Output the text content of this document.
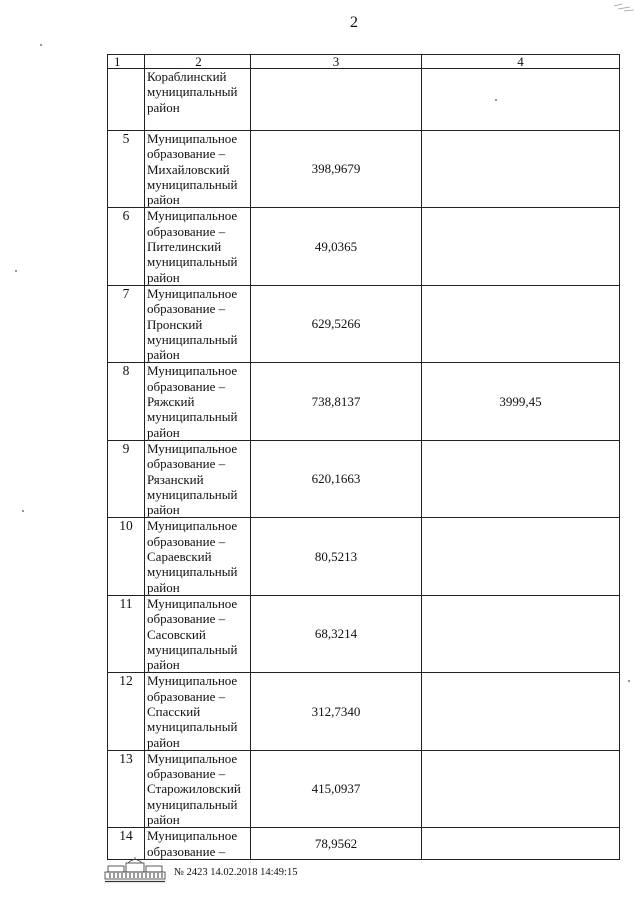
2
1	2	3	4

	Кораблинский
муниципальный
район		

5	Муниципальное
образование –
Михайловский
муниципальный
район	398,9679	
6	Муниципальное
образование –
Пителинский
муниципальный
район	49,0365	
7	Муниципальное
образование –
Пронский
муниципальный
район	629,5266	
8	Муниципальное
образование –
Ряжский
муниципальный
район	738,8137	3999,45
9	Муниципальное
образование –
Рязанский
муниципальный
район	620,1663	
10	Муниципальное
образование –
Сараевский
муниципальный
район	80,5213	
11	Муниципальное
образование –
Сасовский
муниципальный
район	68,3214	
12	Муниципальное
образование –
Спасский
муниципальный
район	312,7340	
13	Муниципальное
образование –
Старожиловский
муниципальный
район	415,0937	
14	Муниципальное
образование –	78,9562	
№ 2423 14.02.2018 14:49:15
